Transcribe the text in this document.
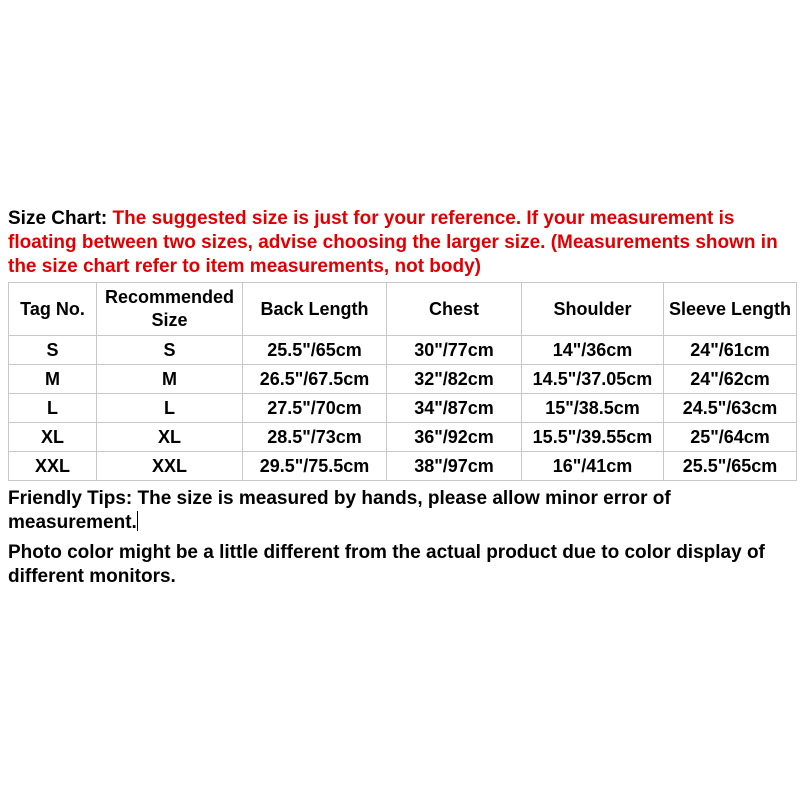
Size Chart: The suggested size is just for your reference. If your measurement is floating between two sizes, advise choosing the larger size. (Measurements shown in the size chart refer to item measurements, not body)

Tag No.	Recommended Size	Back Length	Chest	Shoulder	Sleeve Length
S	S	25.5"/65cm	30"/77cm	14"/36cm	24"/61cm
M	M	26.5"/67.5cm	32"/82cm	14.5"/37.05cm	24"/62cm
L	L	27.5"/70cm	34"/87cm	15"/38.5cm	24.5"/63cm
XL	XL	28.5"/73cm	36"/92cm	15.5"/39.55cm	25"/64cm
XXL	XXL	29.5"/75.5cm	38"/97cm	16"/41cm	25.5"/65cm

Friendly Tips: The size is measured by hands, please allow minor error of measurement.

Photo color might be a little different from the actual product due to color display of different monitors.
